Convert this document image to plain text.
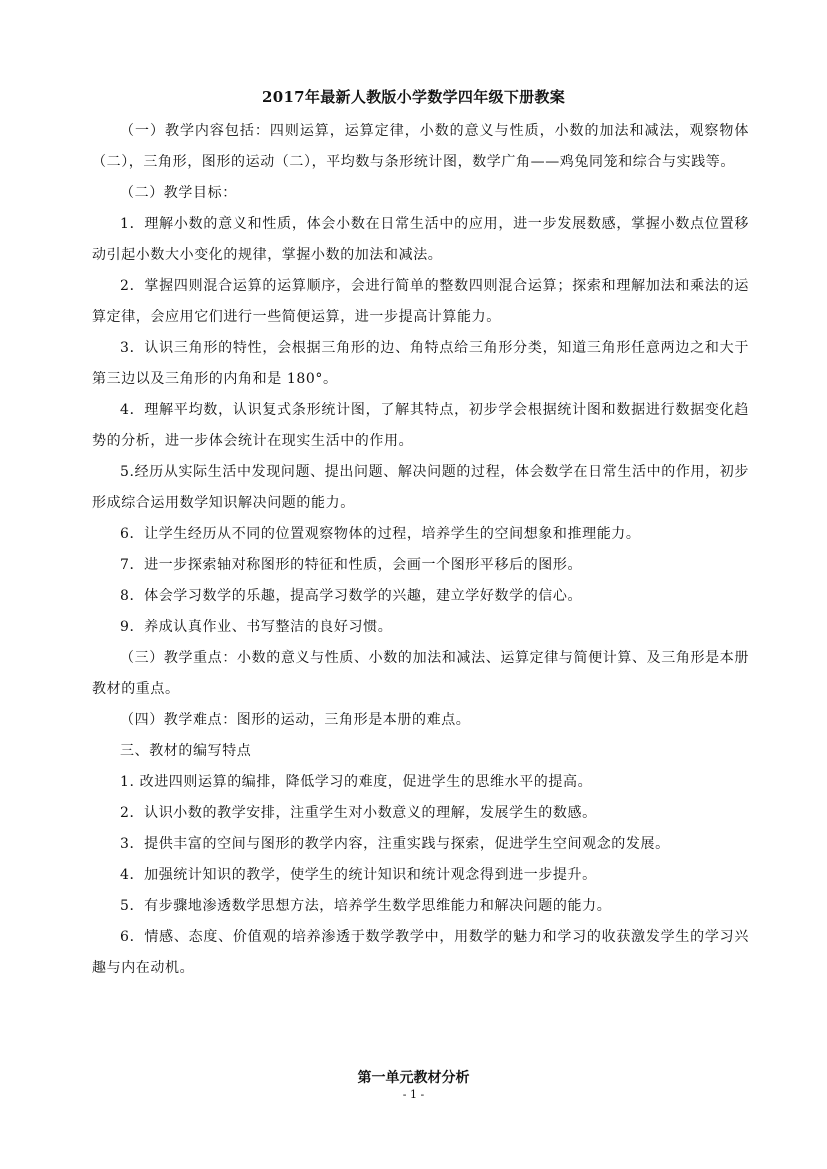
2017年最新人教版小学数学四年级下册教案

（一）教学内容包括：四则运算，运算定律，小数的意义与性质，小数的加法和减法，观察物体（二），三角形，图形的运动（二），平均数与条形统计图，数学广角——鸡兔同笼和综合与实践等。

（二）教学目标：

1．理解小数的意义和性质，体会小数在日常生活中的应用，进一步发展数感，掌握小数点位置移动引起小数大小变化的规律，掌握小数的加法和减法。

2．掌握四则混合运算的运算顺序，会进行简单的整数四则混合运算；探索和理解加法和乘法的运算定律，会应用它们进行一些简便运算，进一步提高计算能力。

3．认识三角形的特性，会根据三角形的边、角特点给三角形分类，知道三角形任意两边之和大于第三边以及三角形的内角和是 180°。

4．理解平均数，认识复式条形统计图，了解其特点，初步学会根据统计图和数据进行数据变化趋势的分析，进一步体会统计在现实生活中的作用。

5.经历从实际生活中发现问题、提出问题、解决问题的过程，体会数学在日常生活中的作用，初步形成综合运用数学知识解决问题的能力。

6．让学生经历从不同的位置观察物体的过程，培养学生的空间想象和推理能力。

7．进一步探索轴对称图形的特征和性质，会画一个图形平移后的图形。

8．体会学习数学的乐趣，提高学习数学的兴趣，建立学好数学的信心。

9．养成认真作业、书写整洁的良好习惯。

（三）教学重点：小数的意义与性质、小数的加法和减法、运算定律与简便计算、及三角形是本册教材的重点。

（四）教学难点：图形的运动，三角形是本册的难点。

三、教材的编写特点

1. 改进四则运算的编排，降低学习的难度，促进学生的思维水平的提高。

2．认识小数的教学安排，注重学生对小数意义的理解，发展学生的数感。

3．提供丰富的空间与图形的教学内容，注重实践与探索，促进学生空间观念的发展。

4．加强统计知识的教学，使学生的统计知识和统计观念得到进一步提升。

5．有步骤地渗透数学思想方法，培养学生数学思维能力和解决问题的能力。

6．情感、态度、价值观的培养渗透于数学教学中，用数学的魅力和学习的收获激发学生的学习兴趣与内在动机。

第一单元教材分析
- 1 -
